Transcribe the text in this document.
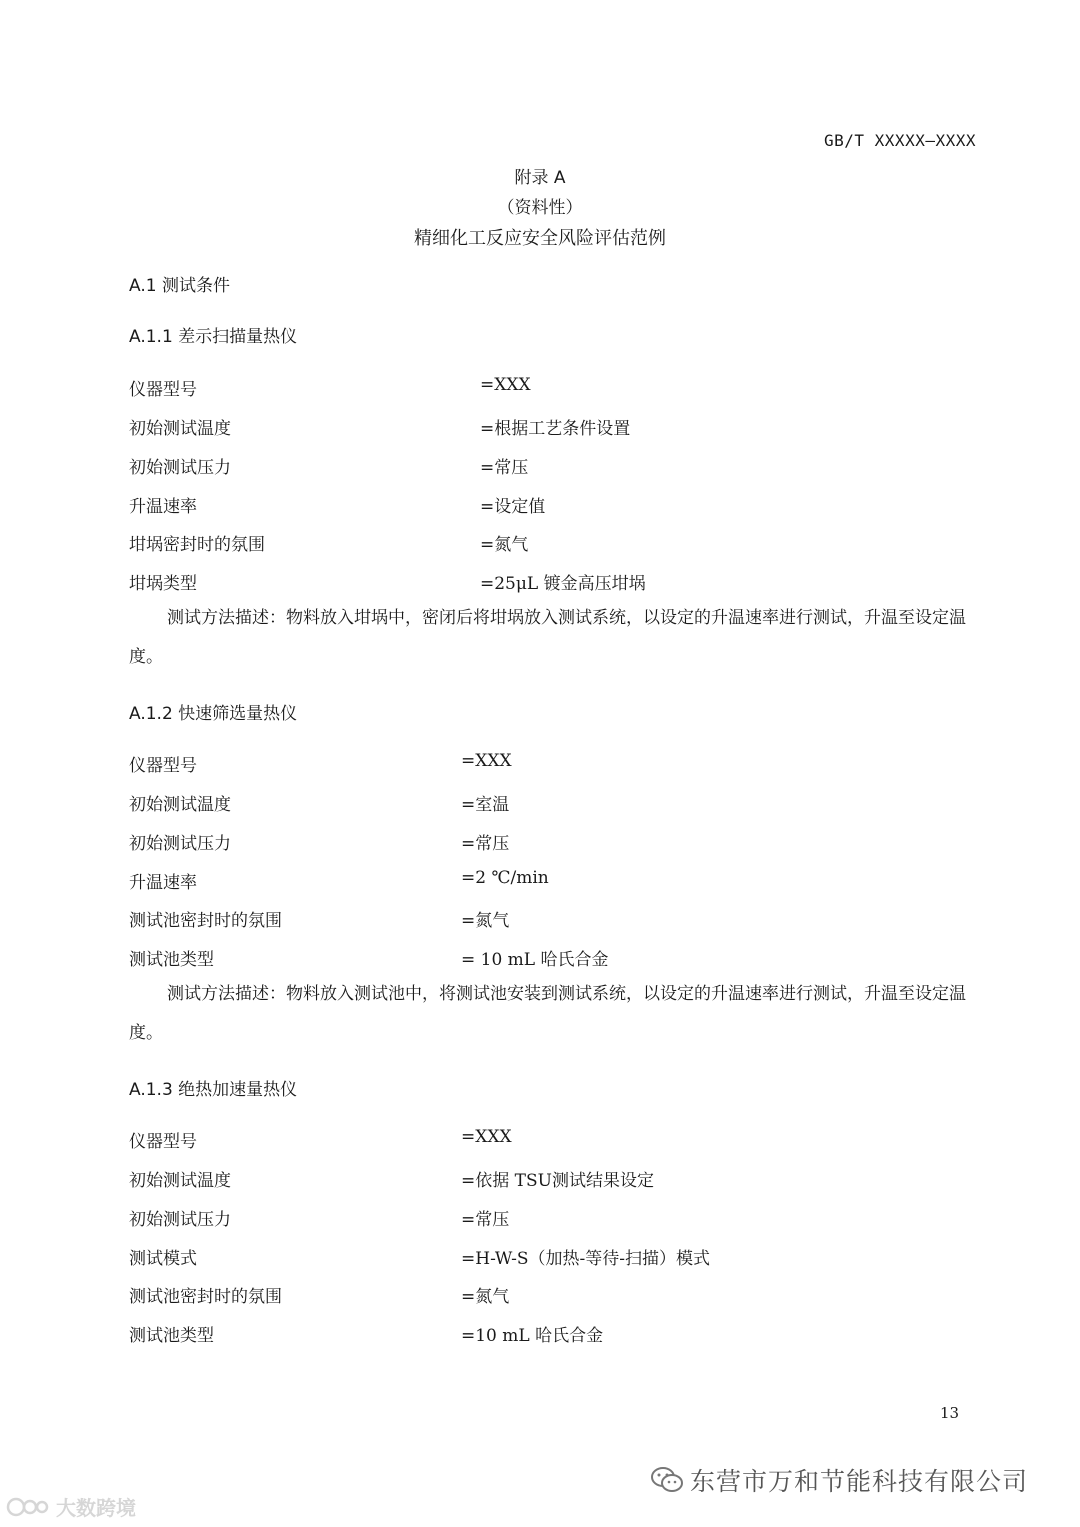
GB/T XXXXX—XXXX
附录 A
（资料性）
精细化工反应安全风险评估范例
A.1 测试条件
A.1.1 差示扫描量热仪
仪器型号	=XXX
初始测试温度	=根据工艺条件设置
初始测试压力	=常压
升温速率	=设定值
坩埚密封时的氛围	=氮气
坩埚类型	=25μL 镀金高压坩埚
测试方法描述：物料放入坩埚中，密闭后将坩埚放入测试系统，以设定的升温速率进行测试，升温至设定温度。
A.1.2 快速筛选量热仪
仪器型号	=XXX
初始测试温度	=室温
初始测试压力	=常压
升温速率	=2 ℃/min
测试池密封时的氛围	=氮气
测试池类型	= 10 mL 哈氏合金
测试方法描述：物料放入测试池中，将测试池安装到测试系统，以设定的升温速率进行测试，升温至设定温度。
A.1.3 绝热加速量热仪
仪器型号	=XXX
初始测试温度	=依据 TSU测试结果设定
初始测试压力	=常压
测试模式	=H-W-S（加热-等待-扫描）模式
测试池密封时的氛围	=氮气
测试池类型	=10 mL 哈氏合金
13
东营市万和节能科技有限公司
大数跨境
